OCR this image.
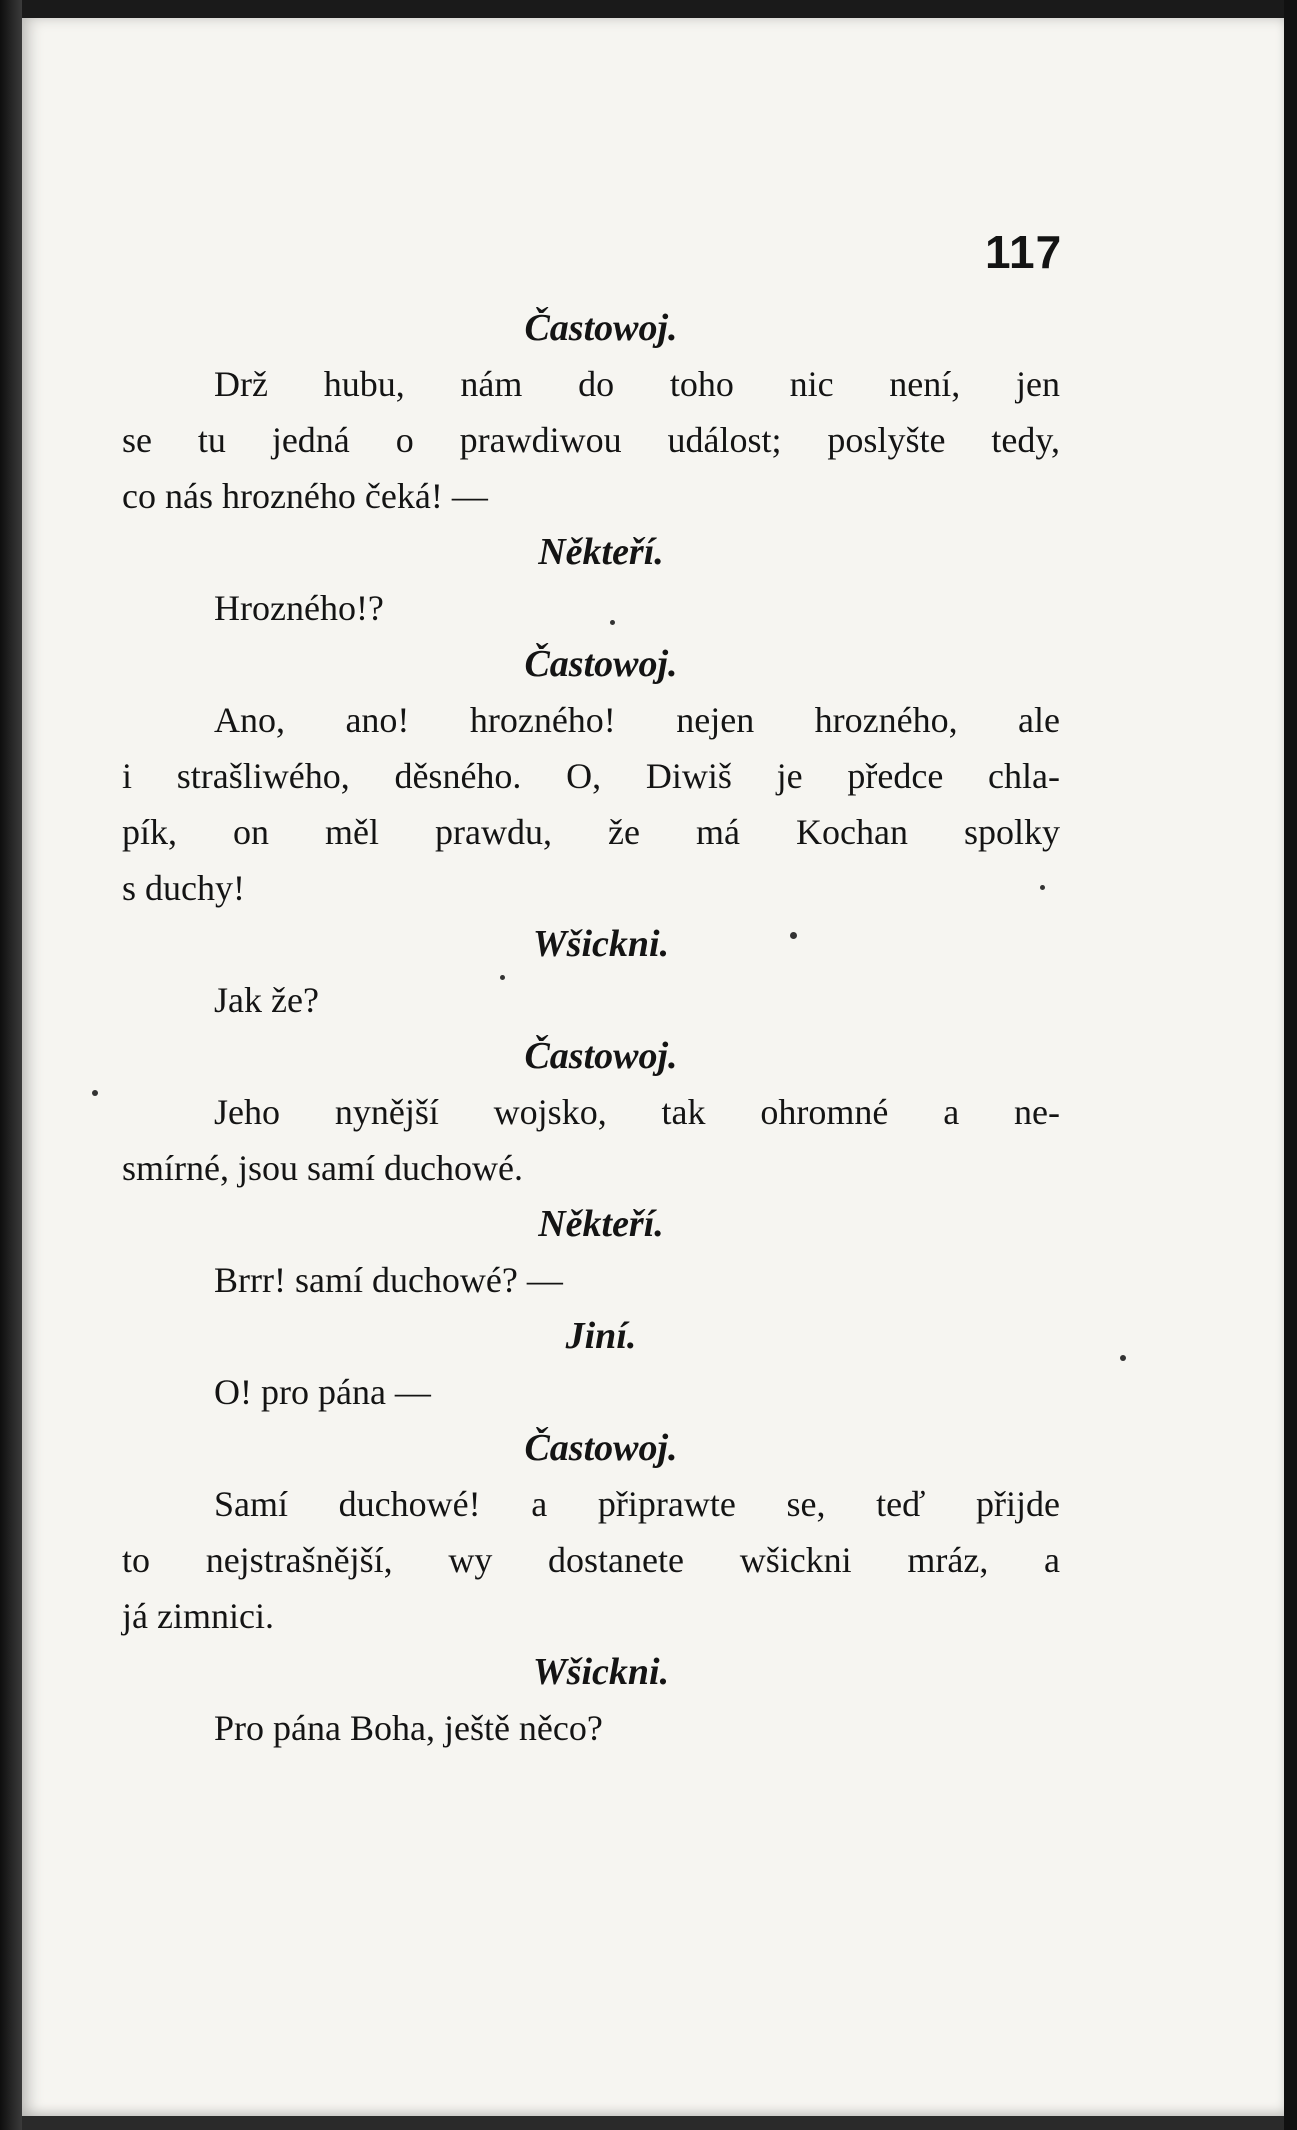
117
Častowoj.
Drž hubu, nám do toho nic není, jen
se tu jedná o prawdiwou událost; poslyšte tedy,
co nás hrozného čeká! —
Někteří.
Hrozného!?
Častowoj.
Ano, ano! hrozného! nejen hrozného, ale
i strašliwého, děsného. O, Diwiš je předce chla-
pík, on měl prawdu, že má Kochan spolky
s duchy!
Wšickni.
Jak že?
Častowoj.
Jeho nynější wojsko, tak ohromné a ne-
smírné, jsou samí duchowé.
Někteří.
Brrr! samí duchowé? —
Jiní.
O! pro pána —
Častowoj.
Samí duchowé! a připrawte se, teď přijde
to nejstrašnější, wy dostanete wšickni mráz, a
já zimnici.
Wšickni.
Pro pána Boha, ještě něco?
